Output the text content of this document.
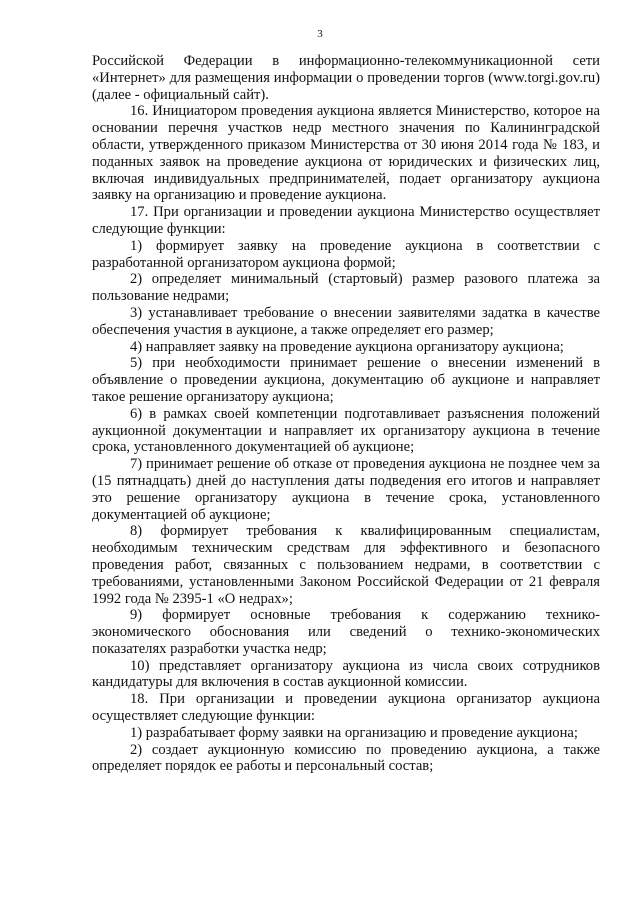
3

Российской Федерации в информационно-телекоммуникационной сети «Интернет» для размещения информации о проведении торгов (www.torgi.gov.ru) (далее - официальный сайт).

16. Инициатором проведения аукциона является Министерство, которое на основании перечня участков недр местного значения по Калининградской области, утвержденного приказом Министерства от 30 июня 2014 года № 183, и поданных заявок на проведение аукциона от юридических и физических лиц, включая индивидуальных предпринимателей, подает организатору аукциона заявку на организацию и проведение аукциона.

17. При организации и проведении аукциона Министерство осуществляет следующие функции:

1) формирует заявку на проведение аукциона в соответствии с разработанной организатором аукциона формой;

2) определяет минимальный (стартовый) размер разового платежа за пользование недрами;

3) устанавливает требование о внесении заявителями задатка в качестве обеспечения участия в аукционе, а также определяет его размер;

4) направляет заявку на проведение аукциона организатору аукциона;

5) при необходимости принимает решение о внесении изменений в объявление о проведении аукциона, документацию об аукционе и направляет такое решение организатору аукциона;

6) в рамках своей компетенции подготавливает разъяснения положений аукционной документации и направляет их организатору аукциона в течение срока, установленного документацией об аукционе;

7) принимает решение об отказе от проведения аукциона не позднее чем за (15 пятнадцать) дней до наступления даты подведения его итогов и направляет это решение организатору аукциона в течение срока, установленного документацией об аукционе;

8) формирует требования к квалифицированным специалистам, необходимым техническим средствам для эффективного и безопасного проведения работ, связанных с пользованием недрами, в соответствии с требованиями, установленными Законом Российской Федерации от 21 февраля 1992 года № 2395-1 «О недрах»;

9) формирует основные требования к содержанию технико-экономического обоснования или сведений о технико-экономических показателях разработки участка недр;

10) представляет организатору аукциона из числа своих сотрудников кандидатуры для включения в состав аукционной комиссии.

18. При организации и проведении аукциона организатор аукциона осуществляет следующие функции:

1) разрабатывает форму заявки на организацию и проведение аукциона;

2) создает аукционную комиссию по проведению аукциона, а также определяет порядок ее работы и персональный состав;
